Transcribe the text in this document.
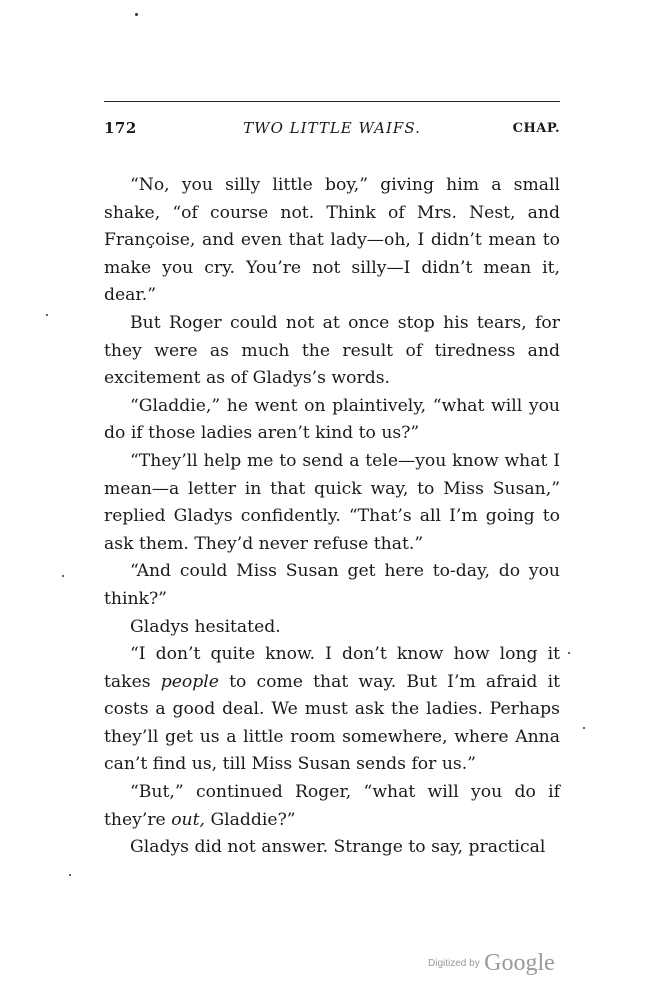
172	TWO LITTLE WAIFS.	CHAP.

“No, you silly little boy,” giving him a small shake, “of course not. Think of Mrs. Nest, and Françoise, and even that lady—oh, I didn’t mean to make you cry. You’re not silly—I didn’t mean it, dear.”

But Roger could not at once stop his tears, for they were as much the result of tiredness and excitement as of Gladys’s words.

“Gladdie,” he went on plaintively, “what will you do if those ladies aren’t kind to us?”

“They’ll help me to send a tele—you know what I mean—a letter in that quick way, to Miss Susan,” replied Gladys confidently. “That’s all I’m going to ask them. They’d never refuse that.”

“And could Miss Susan get here to-day, do you think?”

Gladys hesitated.

“I don’t quite know. I don’t know how long it takes people to come that way. But I’m afraid it costs a good deal. We must ask the ladies. Perhaps they’ll get us a little room somewhere, where Anna can’t find us, till Miss Susan sends for us.”

“But,” continued Roger, “what will you do if they’re out, Gladdie?”

Gladys did not answer. Strange to say, practical

Digitized by Google
